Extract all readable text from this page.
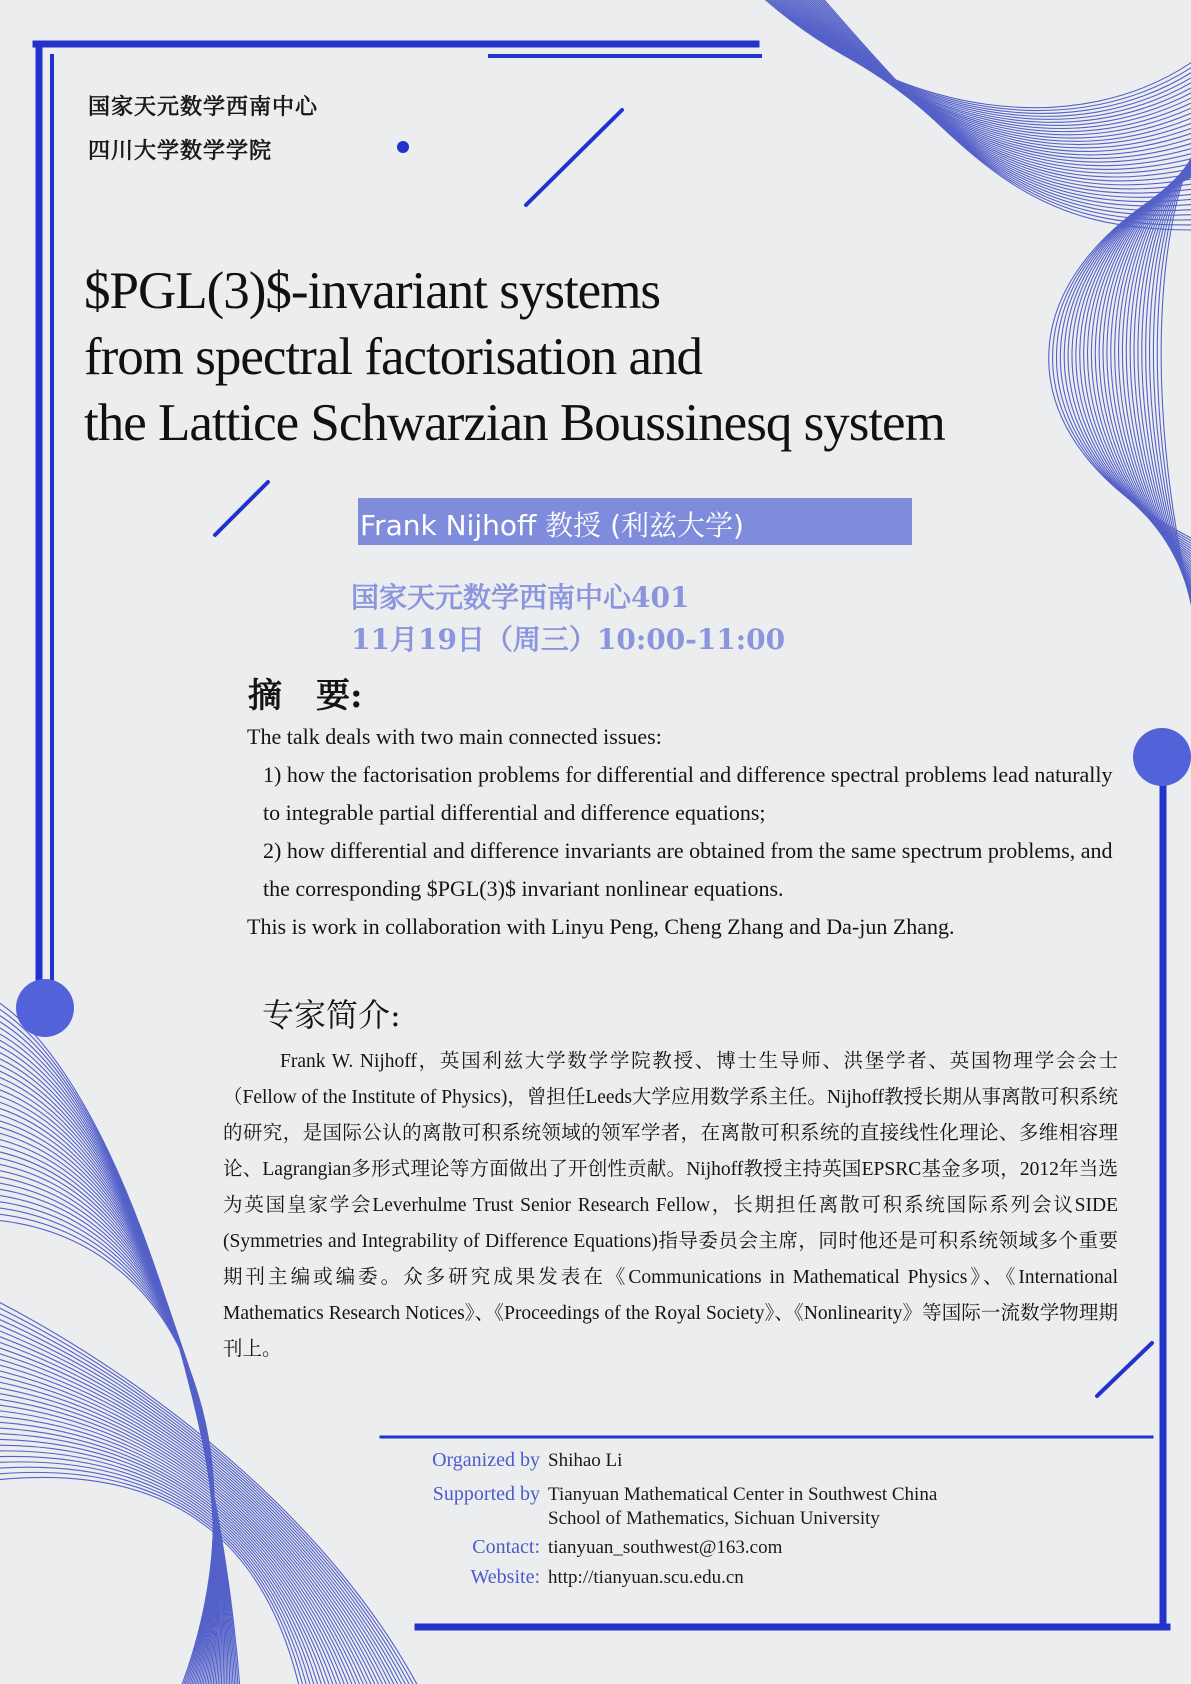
国家天元数学西南中心
四川大学数学学院
$PGL(3)$-invariant systems
from spectral factorisation and
the Lattice Schwarzian Boussinesq system
Frank Nijhoff 教授 (利兹大学)
国家天元数学西南中心401
11月19日（周三）10:00-11:00
摘　要:
The talk deals with two main connected issues:
1) how the factorisation problems for differential and difference spectral problems lead naturally to integrable partial differential and difference equations;
2) how differential and difference invariants are obtained from the same spectrum problems, and the corresponding $PGL(3)$ invariant nonlinear equations.
This is work in collaboration with Linyu Peng, Cheng Zhang and Da-jun Zhang.
专家简介:

Frank W. Nijhoff，英国利兹大学数学学院教授、博士生导师、洪堡学者、英国物理学会会士（Fellow of the Institute of Physics)，曾担任Leeds大学应用数学系主任。Nijhoff教授长期从事离散可积系统的研究，是国际公认的离散可积系统领域的领军学者，在离散可积系统的直接线性化理论、多维相容理论、Lagrangian多形式理论等方面做出了开创性贡献。Nijhoff教授主持英国EPSRC基金多项，2012年当选为英国皇家学会Leverhulme Trust Senior Research Fellow，长期担任离散可积系统国际系列会议SIDE (Symmetries and Integrability of Difference Equations)指导委员会主席，同时他还是可积系统领域多个重要期刊主编或编委。众多研究成果发表在《Communications in Mathematical Physics》、《International Mathematics Research Notices》、《Proceedings of the Royal Society》、《Nonlinearity》等国际一流数学物理期刊上。

Organized by Shihao Li
Supported by Tianyuan Mathematical Center in Southwest China
School of Mathematics, Sichuan University
Contact: tianyuan_southwest@163.com
Website: http://tianyuan.scu.edu.cn
